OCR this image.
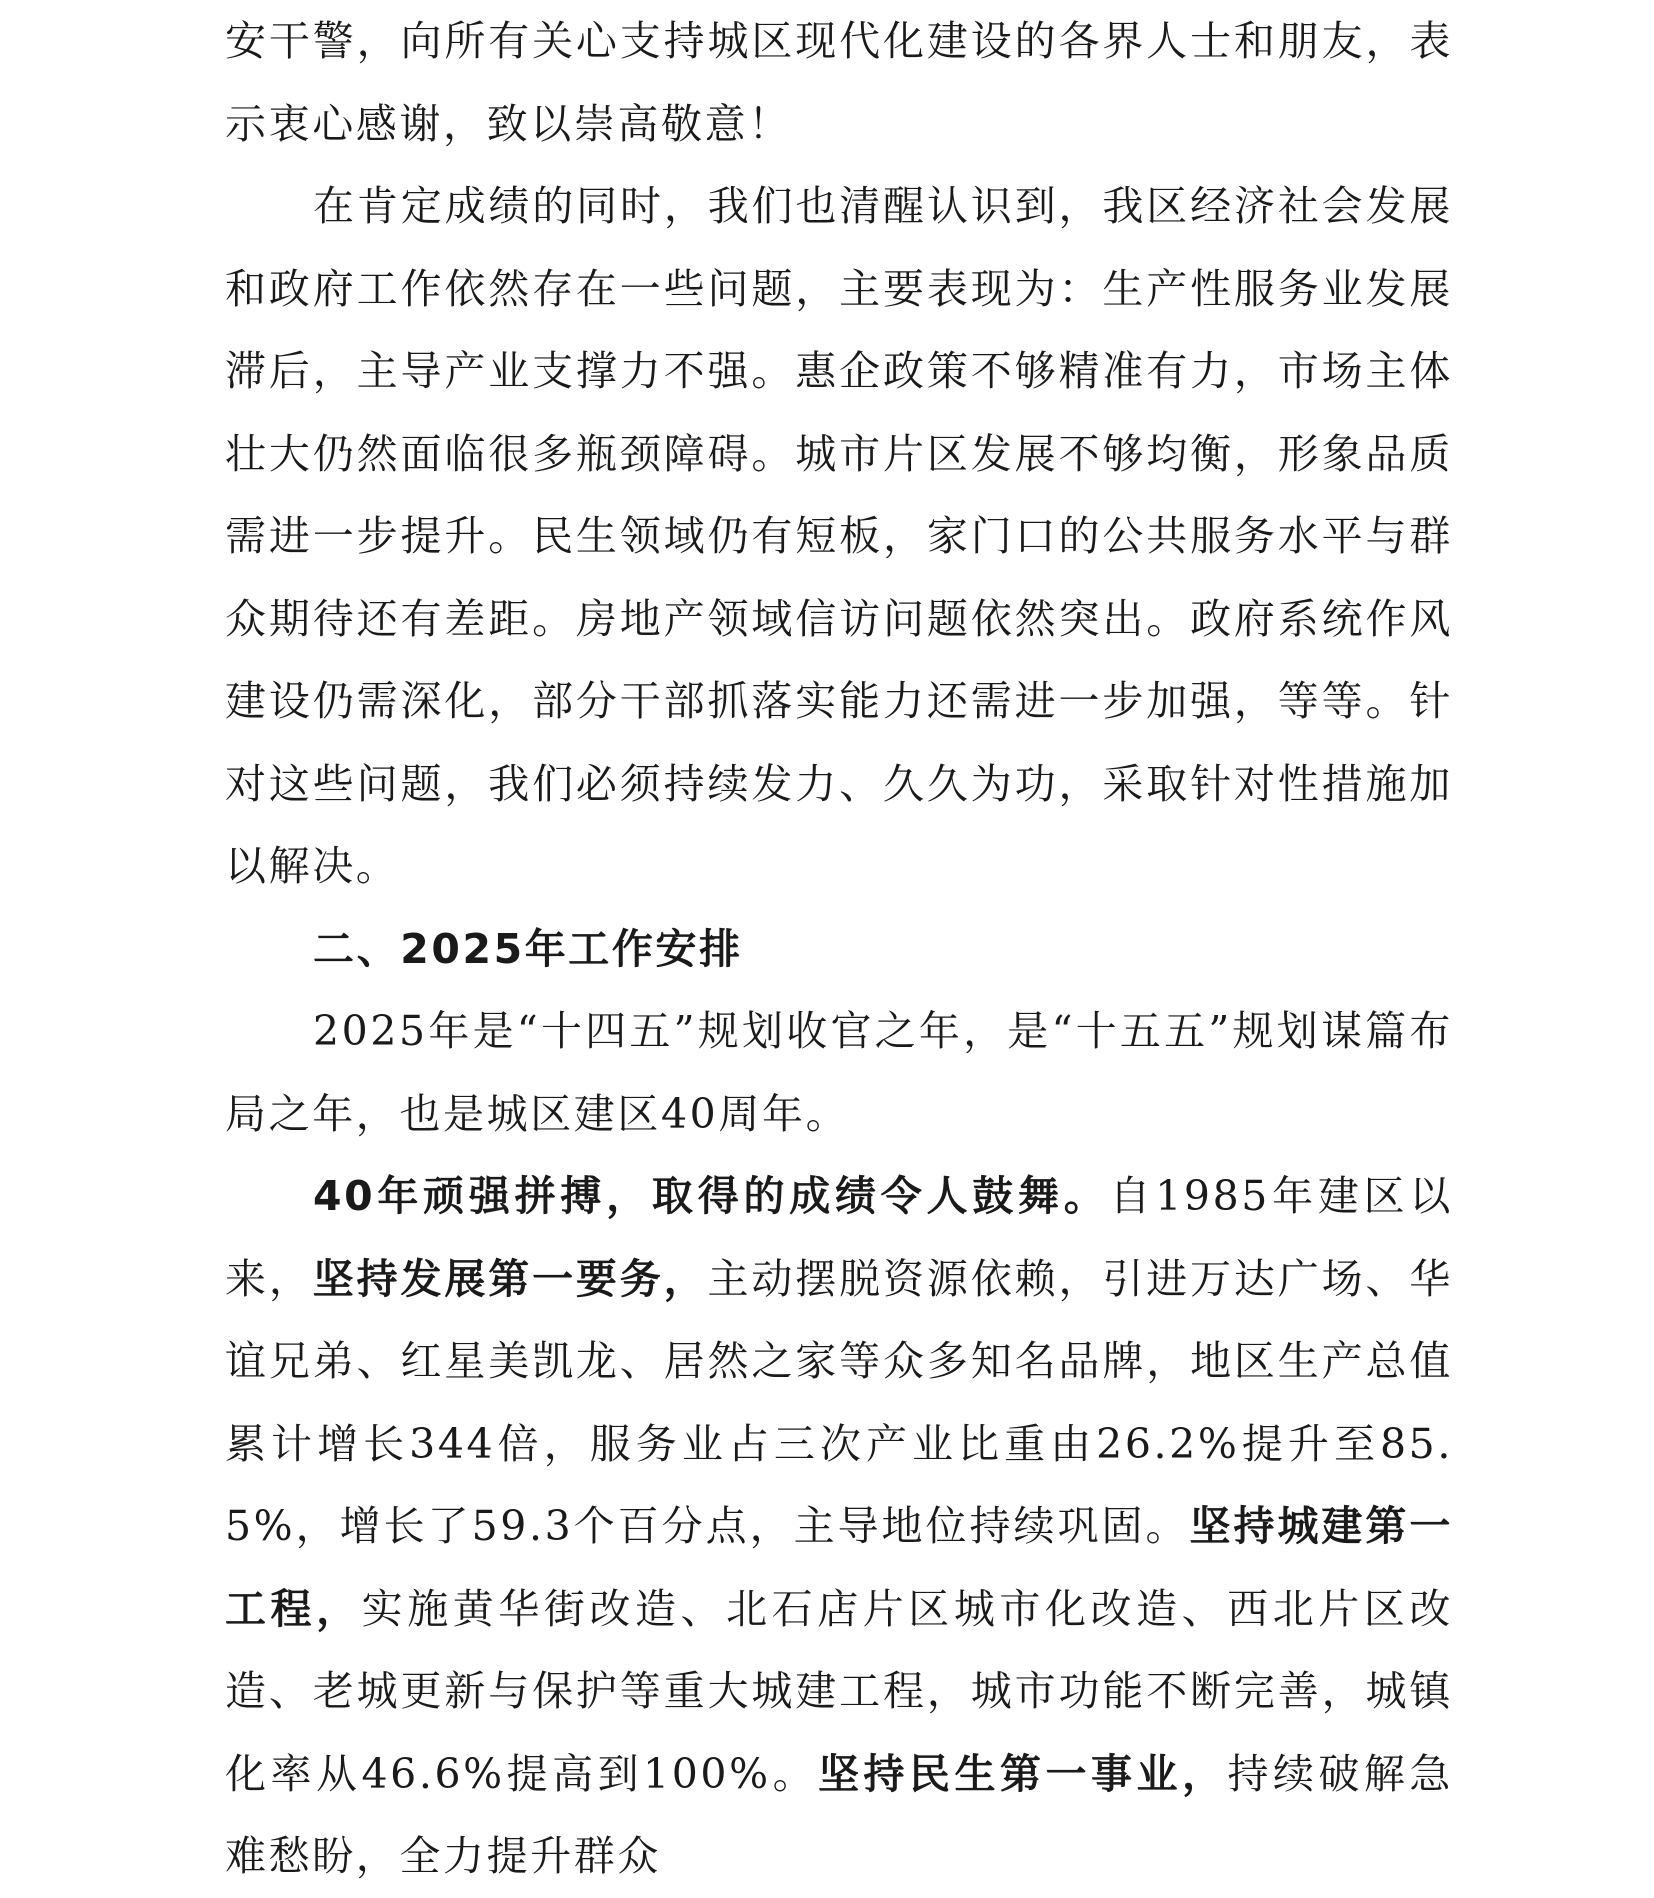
安干警，向所有关心支持城区现代化建设的各界人士和朋友，表示衷心感谢，致以崇高敬意！

在肯定成绩的同时，我们也清醒认识到，我区经济社会发展和政府工作依然存在一些问题，主要表现为：生产性服务业发展滞后，主导产业支撑力不强。惠企政策不够精准有力，市场主体壮大仍然面临很多瓶颈障碍。城市片区发展不够均衡，形象品质需进一步提升。民生领域仍有短板，家门口的公共服务水平与群众期待还有差距。房地产领域信访问题依然突出。政府系统作风建设仍需深化，部分干部抓落实能力还需进一步加强，等等。针对这些问题，我们必须持续发力、久久为功，采取针对性措施加以解决。

二、2025年工作安排

2025年是“十四五”规划收官之年，是“十五五”规划谋篇布局之年，也是城区建区40周年。

40年顽强拼搏，取得的成绩令人鼓舞。自1985年建区以来，坚持发展第一要务，主动摆脱资源依赖，引进万达广场、华谊兄弟、红星美凯龙、居然之家等众多知名品牌，地区生产总值累计增长344倍，服务业占三次产业比重由26.2%提升至85.5%，增长了59.3个百分点，主导地位持续巩固。坚持城建第一工程，实施黄华街改造、北石店片区城市化改造、西北片区改造、老城更新与保护等重大城建工程，城市功能不断完善，城镇化率从46.6%提高到100%。坚持民生第一事业，持续破解急难愁盼，全力提升群众
